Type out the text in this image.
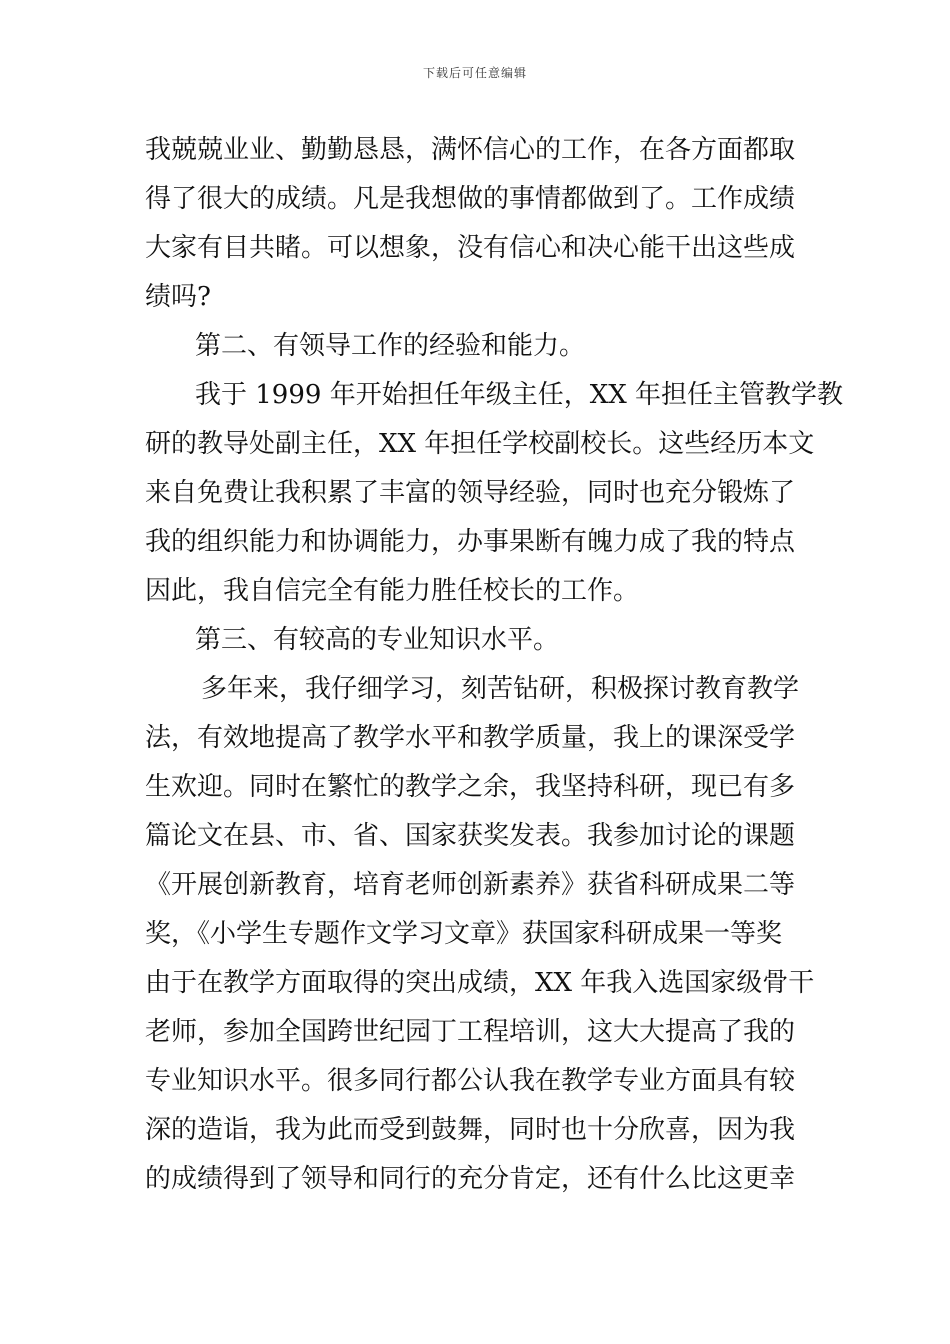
下载后可任意编辑
我兢兢业业、勤勤恳恳，满怀信心的工作，在各方面都取
得了很大的成绩。凡是我想做的事情都做到了。工作成绩
大家有目共睹。可以想象，没有信心和决心能干出这些成
绩吗?
第二、有领导工作的经验和能力。
我于 1999 年开始担任年级主任，XX 年担任主管教学教
研的教导处副主任，XX 年担任学校副校长。这些经历本文
来自免费让我积累了丰富的领导经验，同时也充分锻炼了
我的组织能力和协调能力，办事果断有魄力成了我的特点
因此，我自信完全有能力胜任校长的工作。
第三、有较高的专业知识水平。
多年来，我仔细学习，刻苦钻研，积极探讨教育教学
法，有效地提高了教学水平和教学质量，我上的课深受学
生欢迎。同时在繁忙的教学之余，我坚持科研，现已有多
篇论文在县、市、省、国家获奖发表。我参加讨论的课题
《开展创新教育，培育老师创新素养》获省科研成果二等
奖，《小学生专题作文学习文章》获国家科研成果一等奖
由于在教学方面取得的突出成绩，XX 年我入选国家级骨干
老师，参加全国跨世纪园丁工程培训，这大大提高了我的
专业知识水平。很多同行都公认我在教学专业方面具有较
深的造诣，我为此而受到鼓舞，同时也十分欣喜，因为我
的成绩得到了领导和同行的充分肯定，还有什么比这更幸
